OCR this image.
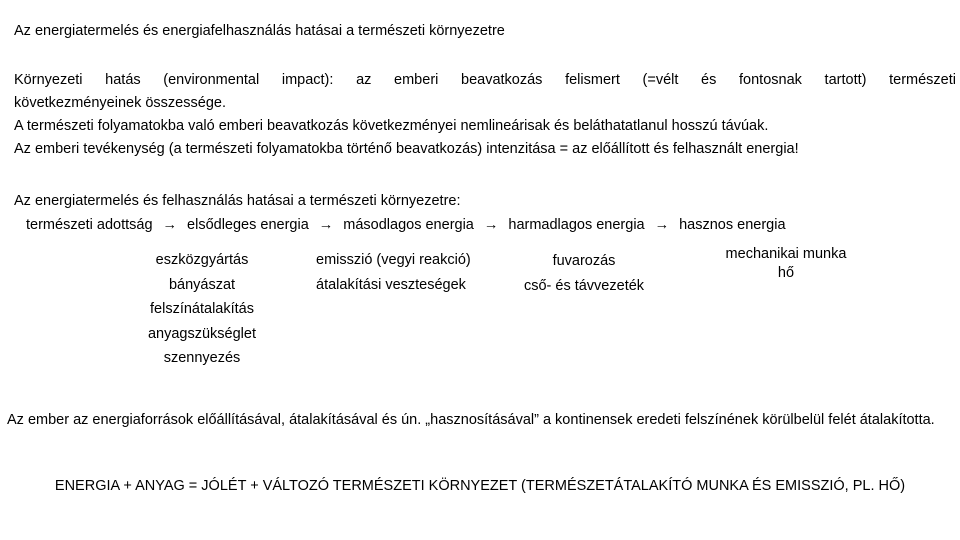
Az energiatermelés és energiafelhasználás hatásai a természeti környezetre
Környezeti hatás (environmental impact): az emberi beavatkozás felismert (=vélt és fontosnak tartott) természeti
következményeinek összessége.
A természeti folyamatokba való emberi beavatkozás következményei nemlineárisak és beláthatatlanul hosszú távúak.
Az emberi tevékenység (a természeti folyamatokba történő beavatkozás) intenzitása = az előállított és felhasznált energia!
Az energiatermelés és felhasználás hatásai a természeti környezetre:
természeti adottság → elsődleges energia → másodlagos energia → harmadlagos energia → hasznos energia
eszközgyártás
bányászat
felszínátalakítás
anyagszükséglet
szennyezés
emisszió (vegyi reakció)
átalakítási veszteségek
fuvarozás
cső- és távvezeték
mechanikai munka
hő
Az ember az energiaforrások előállításával, átalakításával és ún. „hasznosításával” a kontinensek eredeti felszínének körülbelül felét átalakította.
ENERGIA + ANYAG = JÓLÉT + VÁLTOZÓ TERMÉSZETI KÖRNYEZET (TERMÉSZETÁTALAKÍTÓ MUNKA ÉS EMISSZIÓ, PL. HŐ)
